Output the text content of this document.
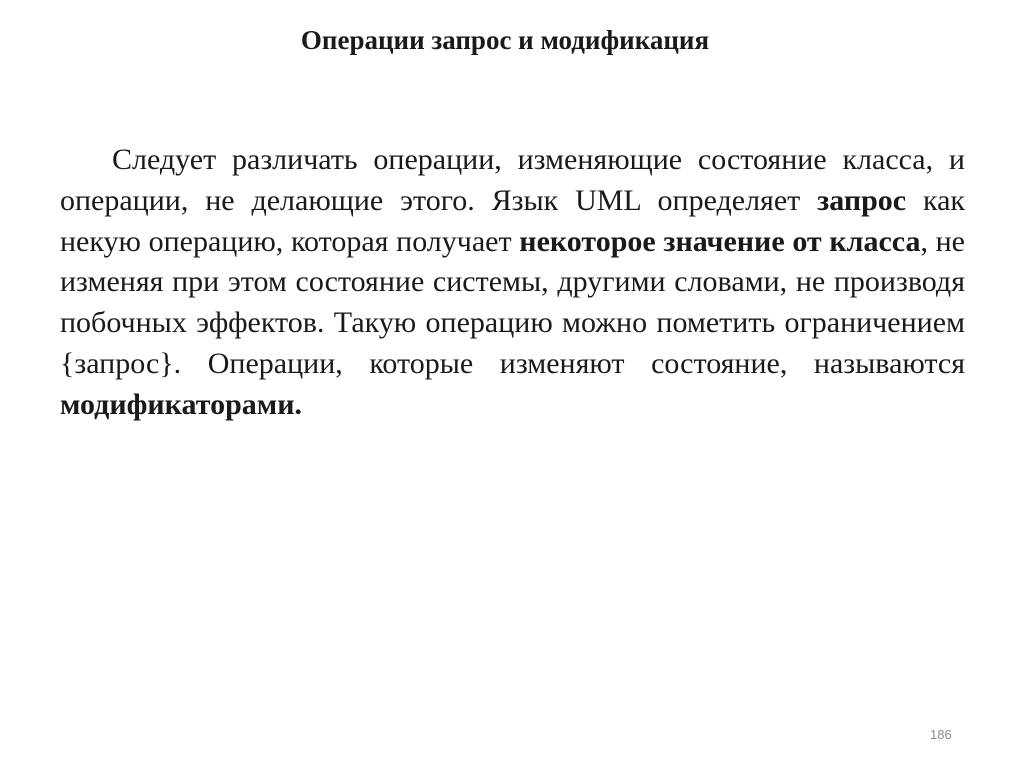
Операции запрос и модификация

Следует различать операции, изменяющие состояние класса, и операции, не делающие этого. Язык UML определяет запрос как некую операцию, которая получает некоторое значение от класса, не изменяя при этом состояние системы, другими словами, не производя побочных эффектов. Такую операцию можно пометить ограничением {запрос}. Операции, которые изменяют состояние, называются модификаторами.

186
